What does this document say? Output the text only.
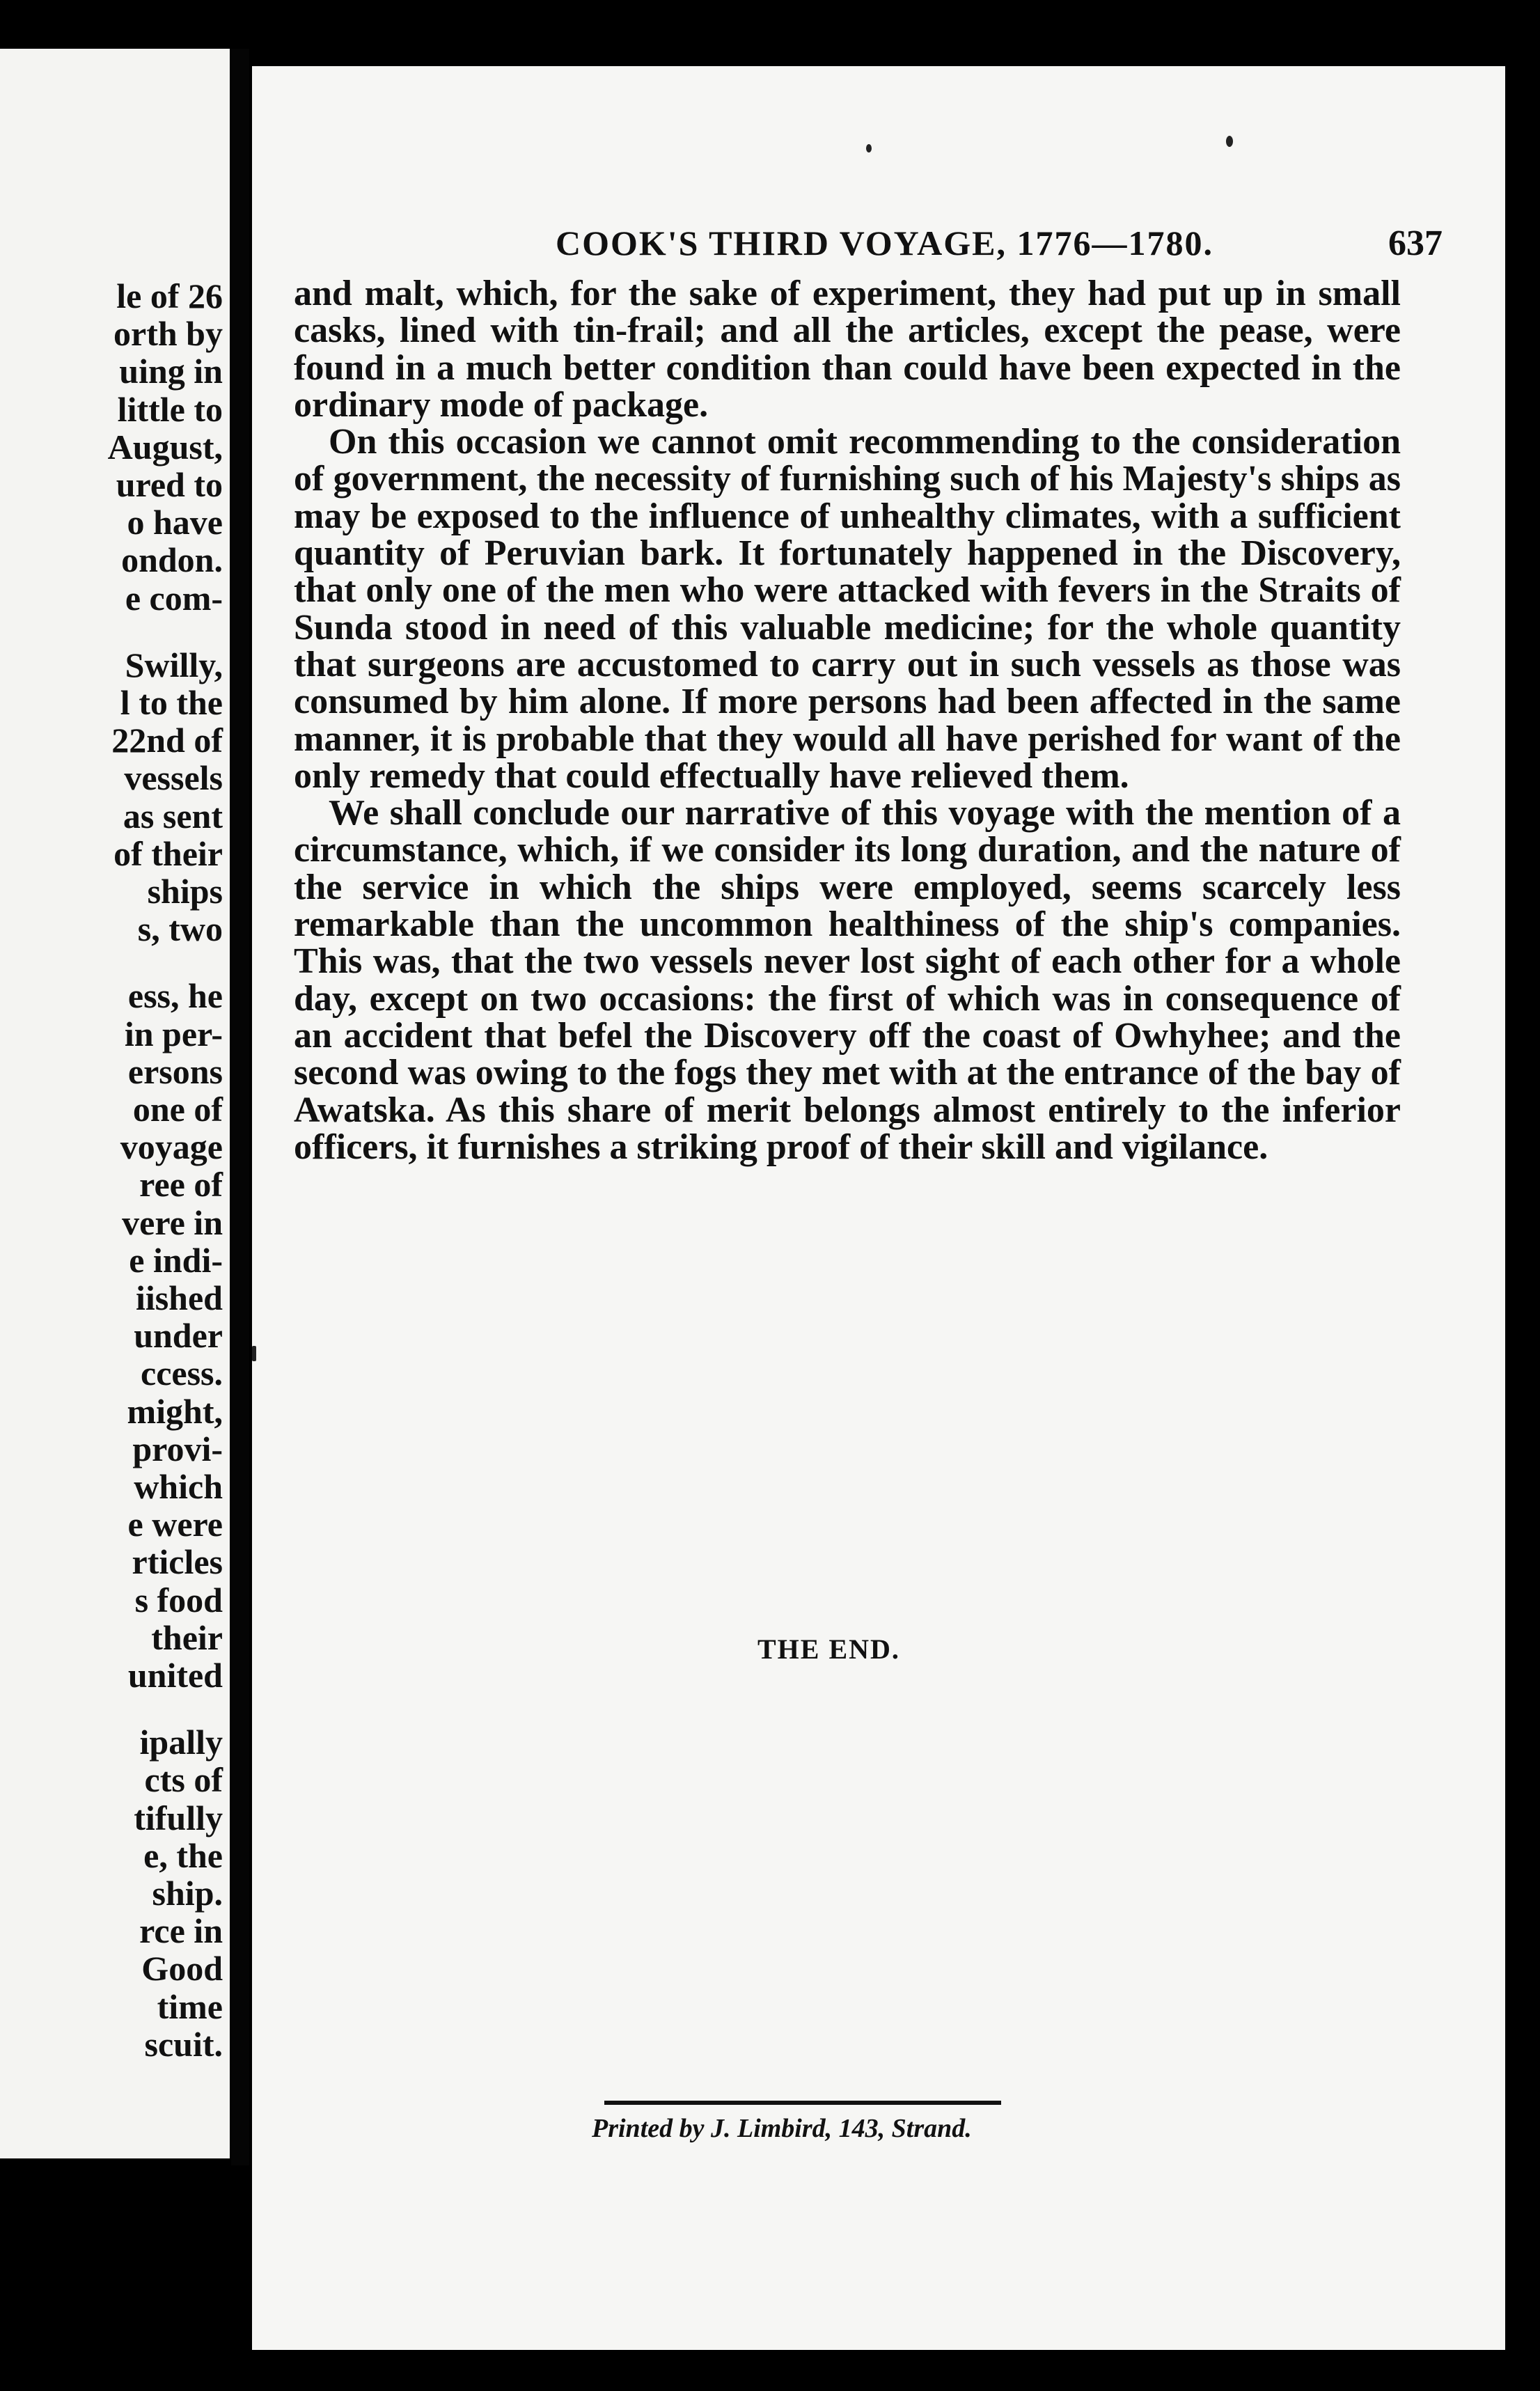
le of 26
orth by
uing in
little to
August,
ured to
o have
ondon.
e com-
Swilly,
l to the
22nd of
vessels
as sent
of their
ships
s, two
ess, he
in per-
ersons
one of
voyage
ree of
vere in
e indi-
iished
under
ccess.
might,
provi-
which
e were
rticles
s food
their
united
ipally
cts of
tifully
e, the
ship.
rce in
Good
time
scuit.
COOK'S THIRD VOYAGE, 1776—1780.	637

and malt, which, for the sake of experiment, they had put up in small casks, lined with tin-frail; and all the articles, except the pease, were found in a much better condition than could have been expected in the ordinary mode of package.

On this occasion we cannot omit recommending to the consideration of government, the necessity of furnishing such of his Majesty's ships as may be exposed to the influence of unhealthy climates, with a sufficient quantity of Peruvian bark. It fortunately happened in the Discovery, that only one of the men who were attacked with fevers in the Straits of Sunda stood in need of this valuable medicine; for the whole quantity that surgeons are accustomed to carry out in such vessels as those was consumed by him alone. If more persons had been affected in the same manner, it is probable that they would all have perished for want of the only remedy that could effectually have relieved them.

We shall conclude our narrative of this voyage with the mention of a circumstance, which, if we consider its long duration, and the nature of the service in which the ships were employed, seems scarcely less remarkable than the uncommon healthiness of the ship's companies. This was, that the two vessels never lost sight of each other for a whole day, except on two occasions: the first of which was in consequence of an accident that befel the Discovery off the coast of Owhyhee; and the second was owing to the fogs they met with at the entrance of the bay of Awatska. As this share of merit belongs almost entirely to the inferior officers, it furnishes a striking proof of their skill and vigilance.

THE END.
Printed by J. Limbird, 143, Strand.
